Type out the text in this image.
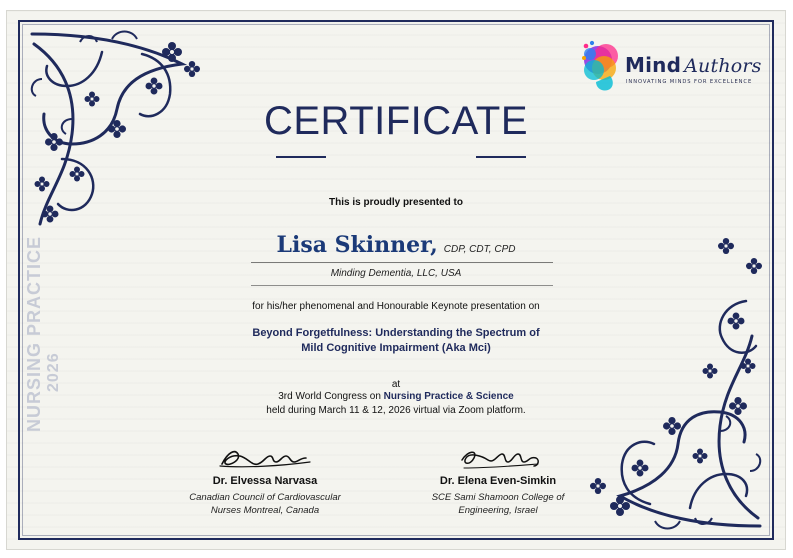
Mind Authors
INNOVATING MINDS FOR EXCELLENCE
CERTIFICATE
This is proudly presented to
Lisa Skinner, CDP, CDT, CPD
Minding Dementia, LLC, USA
for his/her phenomenal and Honourable Keynote presentation on
Beyond Forgetfulness: Understanding the Spectrum of
Mild Cognitive Impairment (Aka Mci)
at
3rd World Congress on Nursing Practice & Science
held during March 11 & 12, 2026 virtual via Zoom platform.
NURSING PRACTICE 2026
Dr. Elvessa Narvasa
Canadian Council of Cardiovascular
Nurses Montreal, Canada
Dr. Elena Even-Simkin
SCE Sami Shamoon College of
Engineering, Israel
